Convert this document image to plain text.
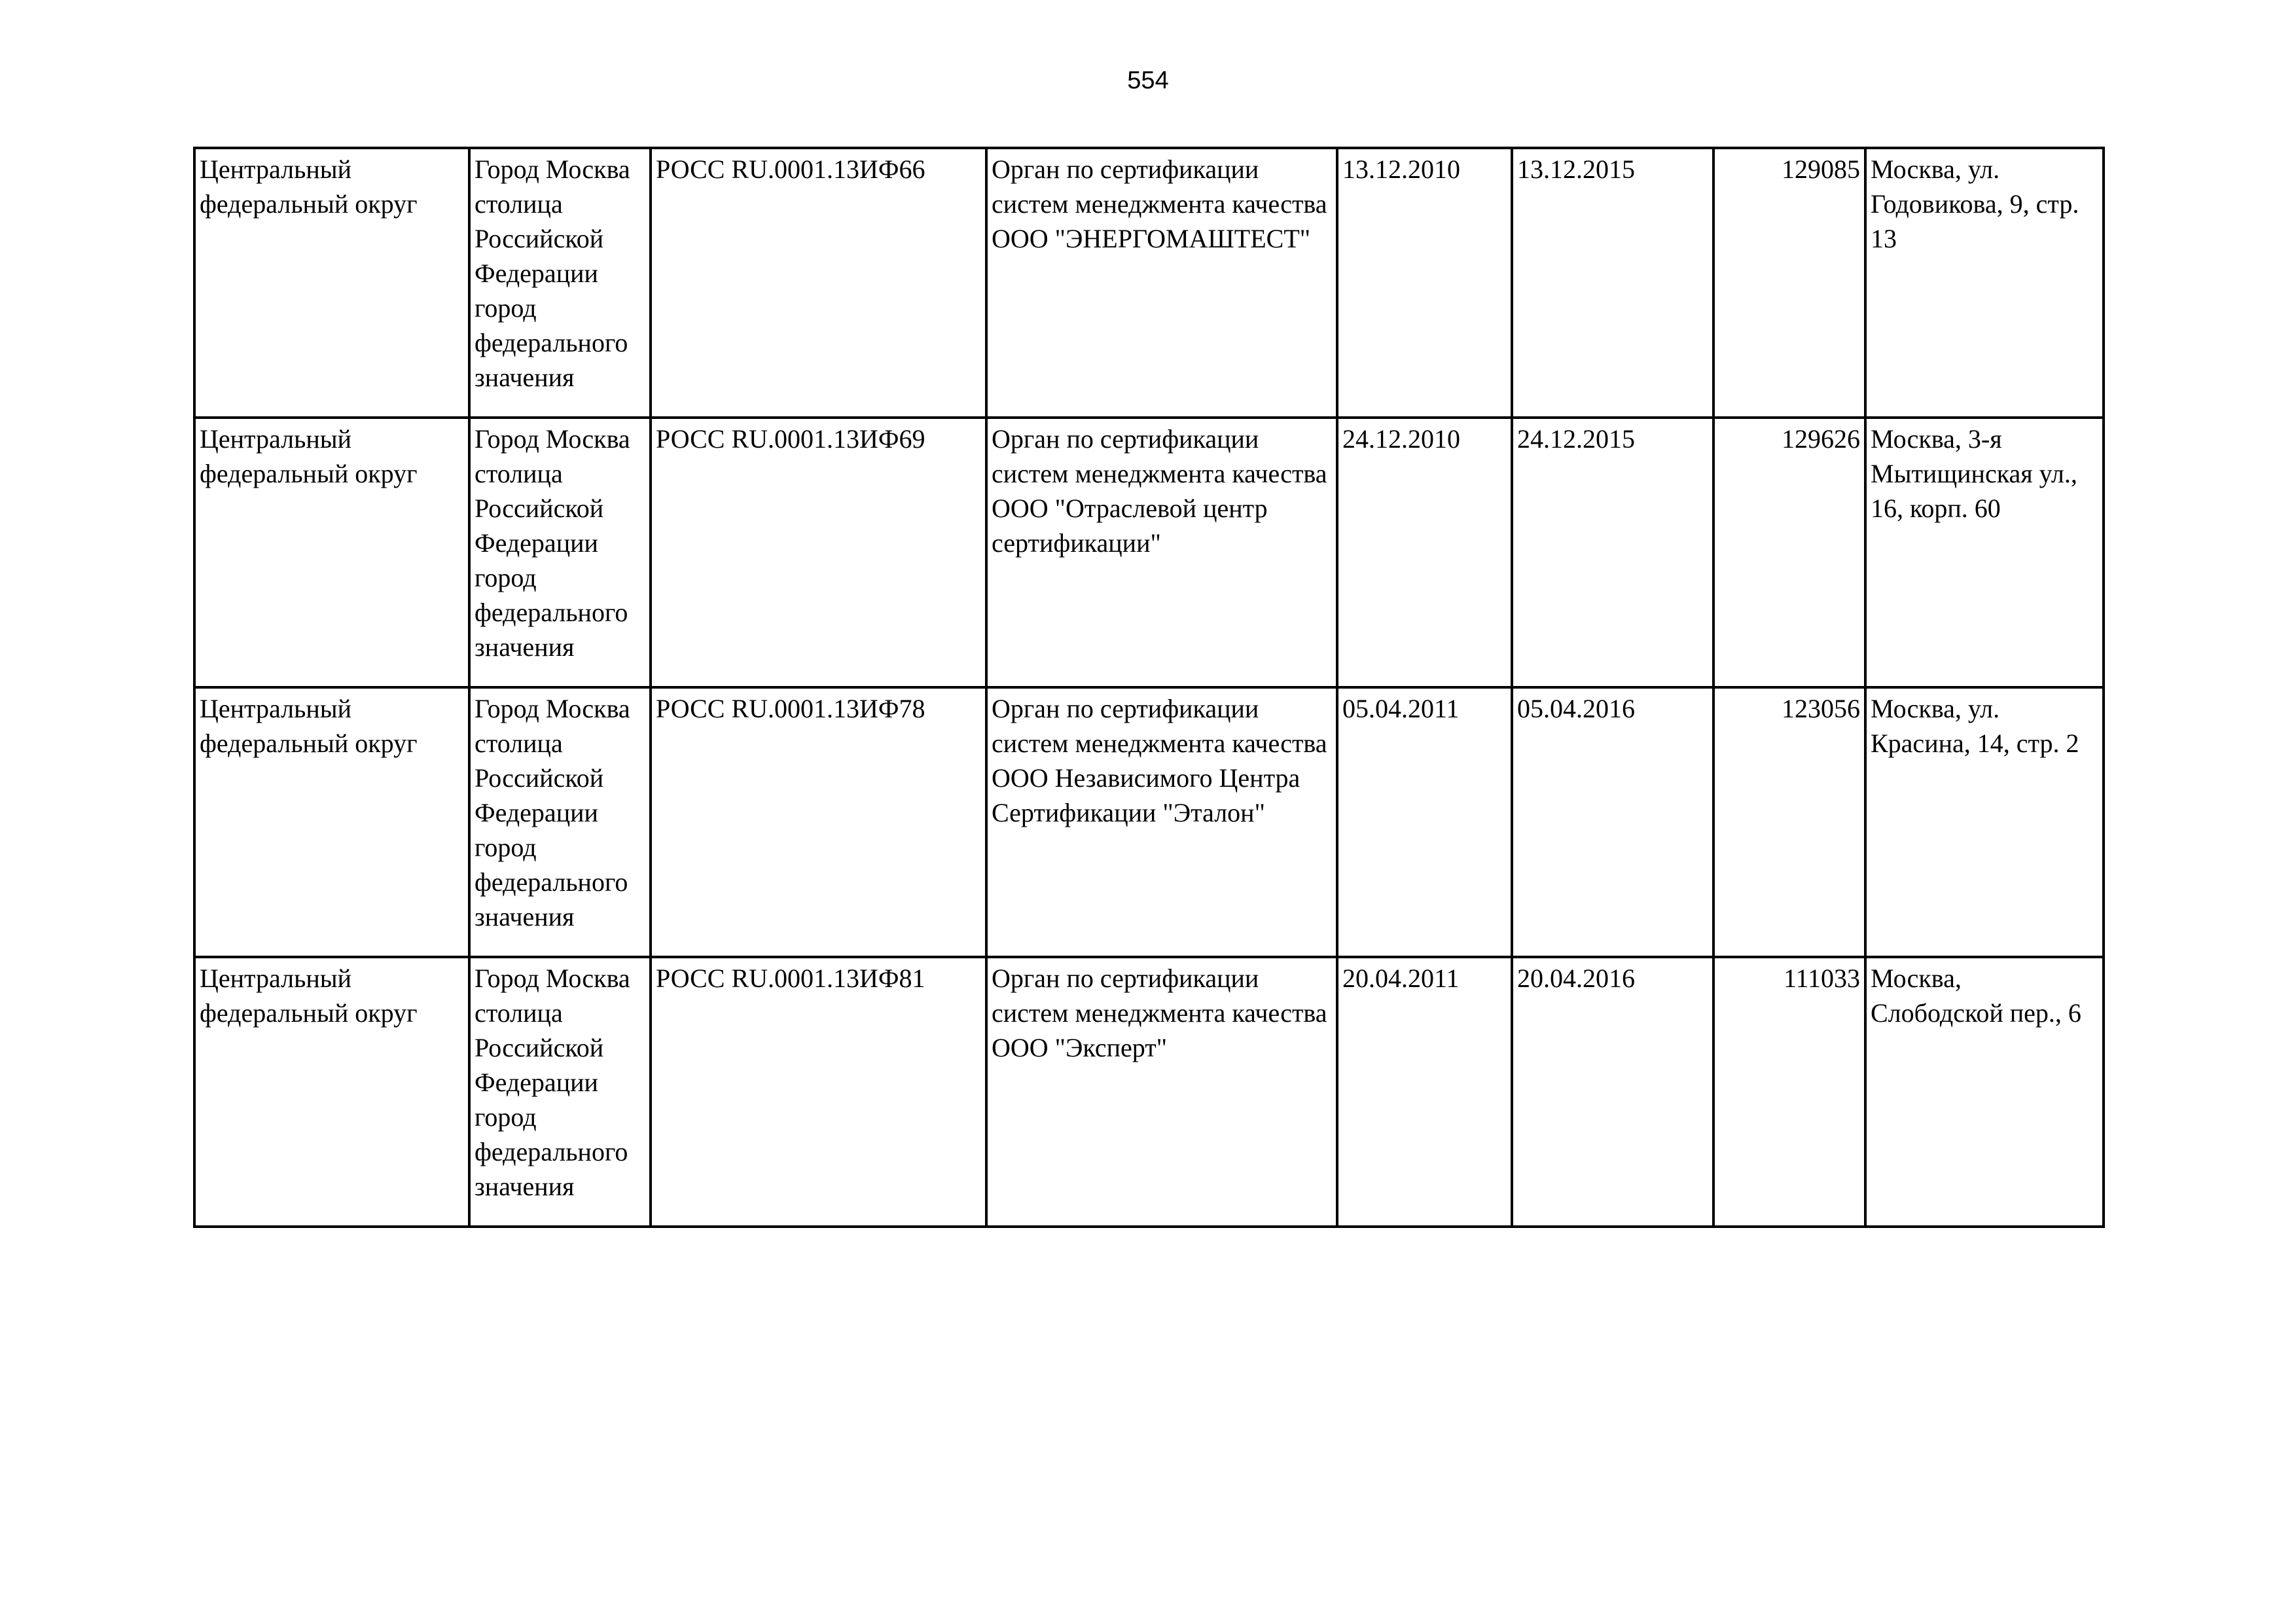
554
Центральный федеральный округ	Город Москва столица Российской Федерации город федерального значения	РОСС RU.0001.13ИФ66	Орган по сертификации систем менеджмента качества ООО "ЭНЕРГОМАШТЕСТ"	13.12.2010	13.12.2015	129085	Москва, ул. Годовикова, 9, стр. 13

Центральный федеральный округ	Город Москва столица Российской Федерации город федерального значения	РОСС RU.0001.13ИФ69	Орган по сертификации систем менеджмента качества ООО "Отраслевой центр сертификации"	24.12.2010	24.12.2015	129626	Москва, 3-я Мытищинская ул., 16, корп. 60

Центральный федеральный округ	Город Москва столица Российской Федерации город федерального значения	РОСС RU.0001.13ИФ78	Орган по сертификации систем менеджмента качества ООО Независимого Центра Сертификации "Эталон"	05.04.2011	05.04.2016	123056	Москва, ул. Красина, 14, стр. 2

Центральный федеральный округ	Город Москва столица Российской Федерации город федерального значения	РОСС RU.0001.13ИФ81	Орган по сертификации систем менеджмента качества ООО "Эксперт"	20.04.2011	20.04.2016	111033	Москва, Слободской пер., 6
